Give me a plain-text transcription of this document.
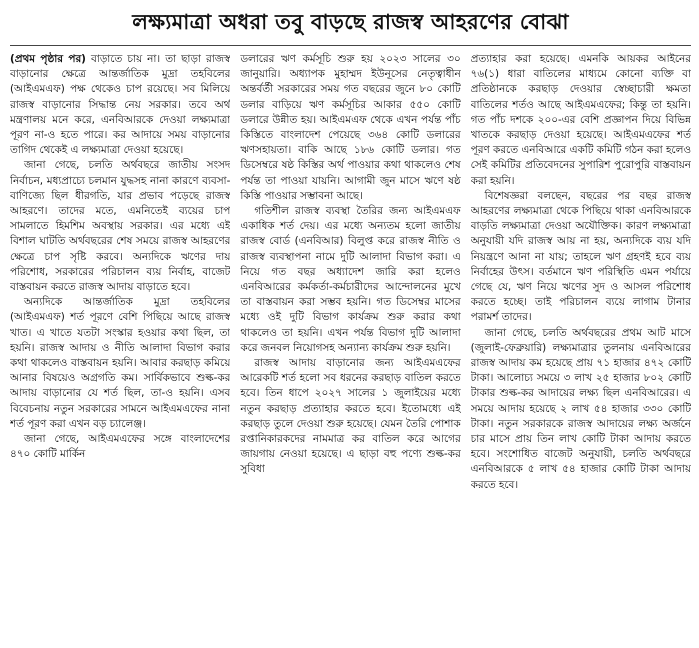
লক্ষ্যমাত্রা অধরা তবু বাড়ছে রাজস্ব আহরণের বোঝা

(প্রথম পৃষ্ঠার পর) বাড়াতে চায় না। তা ছাড়া রাজস্ব বাড়ানোর ক্ষেত্রে আন্তর্জাতিক মুদ্রা তহবিলের (আইএমএফ) পক্ষ থেকেও চাপ রয়েছে। সব মিলিয়ে রাজস্ব বাড়ানোর সিদ্ধান্ত নেয় সরকার। তবে অর্থ মন্ত্রণালয় মনে করে, এনবিআরকে দেওয়া লক্ষ্যমাত্রা পূরণ না-ও হতে পারে। কর আদায়ে সময় বাড়ানোর তাগিদ থেকেই এ লক্ষ্যমাত্রা দেওয়া হয়েছে।

জানা গেছে, চলতি অর্থবছরে জাতীয় সংসদ নির্বাচন, মধ্যপ্রাচ্যে চলমান যুদ্ধসহ নানা কারণে ব্যবসা-বাণিজ্যে ছিল ধীরগতি, যার প্রভাব পড়েছে রাজস্ব আহরণে। তাদের মতে, এমনিতেই ব্যয়ের চাপ সামলাতে হিমশিম অবস্থায় সরকার। এর মধ্যে এই বিশাল ঘাটতি অর্থবছরের শেষ সময়ে রাজস্ব আহরণের ক্ষেত্রে চাপ সৃষ্টি করবে। অন্যদিকে ঋণের দায় পরিশোধ, সরকারের পরিচালন ব্যয় নির্বাহ, বাজেট বাস্তবায়ন করতে রাজস্ব আদায় বাড়াতে হবে।

অন্যদিকে আন্তর্জাতিক মুদ্রা তহবিলের (আইএমএফ) শর্ত পূরণে বেশি পিছিয়ে আছে রাজস্ব খাত। এ খাতে যতটা সংস্কার হওয়ার কথা ছিল, তা হয়নি। রাজস্ব আদায় ও নীতি আলাদা বিভাগ করার কথা থাকলেও বাস্তবায়ন হয়নি। আবার করছাড় কমিয়ে আনার বিষয়েও অগ্রগতি কম। সার্বিকভাবে শুল্ক-কর আদায় বাড়ানোর যে শর্ত ছিল, তা-ও হয়নি। এসব বিবেচনায় নতুন সরকারের সামনে আইএমএফের নানা শর্ত পূরণ করা এখন বড় চ্যালেঞ্জ।

জানা গেছে, আইএমএফের সঙ্গে বাংলাদেশের ৪৭০ কোটি মার্কিন

ডলারের ঋণ কর্মসূচি শুরু হয় ২০২৩ সালের ৩০ জানুয়ারি। অধ্যাপক মুহাম্মদ ইউনূসের নেতৃত্বাধীন অন্তর্বর্তী সরকারের সময় গত বছরের জুনে ৮০ কোটি ডলার বাড়িয়ে ঋণ কর্মসূচির আকার ৫৫০ কোটি ডলারে উন্নীত হয়। আইএমএফ থেকে এখন পর্যন্ত পাঁচ কিস্তিতে বাংলাদেশ পেয়েছে ৩৬৪ কোটি ডলারের ঋণসহায়তা। বাকি আছে ১৮৬ কোটি ডলার। গত ডিসেম্বরে ষষ্ঠ কিস্তির অর্থ পাওয়ার কথা থাকলেও শেষ পর্যন্ত তা পাওয়া যায়নি। আগামী জুন মাসে ঋণে ষষ্ঠ কিস্তি পাওয়ার সম্ভাবনা আছে।

গতিশীল রাজস্ব ব্যবস্থা তৈরির জন্য আইএমএফ একাধিক শর্ত দেয়। এর মধ্যে অন্যতম হলো জাতীয় রাজস্ব বোর্ড (এনবিআর) বিলুপ্ত করে রাজস্ব নীতি ও রাজস্ব ব্যবস্থাপনা নামে দুটি আলাদা বিভাগ করা। এ নিয়ে গত বছর অধ্যাদেশ জারি করা হলেও এনবিআরের কর্মকর্তা-কর্মচারীদের আন্দোলনের মুখে তা বাস্তবায়ন করা সম্ভব হয়নি। গত ডিসেম্বর মাসের মধ্যে ওই দুটি বিভাগ কার্যক্রম শুরু করার কথা থাকলেও তা হয়নি। এখন পর্যন্ত বিভাগ দুটি আলাদা করে জনবল নিয়োগসহ অন্যান্য কার্যক্রম শুরু হয়নি।

রাজস্ব আদায় বাড়ানোর জন্য আইএমএফের আরেকটি শর্ত হলো সব ধরনের করছাড় বাতিল করতে হবে। তিন ধাপে ২০২৭ সালের ১ জুলাইয়ের মধ্যে নতুন করছাড় প্রত্যাহার করতে হবে। ইতোমধ্যে এই করছাড় তুলে দেওয়া শুরু হয়েছে। যেমন তৈরি পোশাক রপ্তানিকারকদের নামমাত্র কর বাতিল করে আগের জায়গায় নেওয়া হয়েছে। এ ছাড়া বহু পণ্যে শুল্ক-কর সুবিধা

প্রত্যাহার করা হয়েছে। এমনকি আয়কর আইনের ৭৬(১) ধারা বাতিলের মাধ্যমে কোনো ব্যক্তি বা প্রতিষ্ঠানকে করছাড় দেওয়ার স্বেচ্ছাচারী ক্ষমতা বাতিলের শর্তও আছে আইএমএফের; কিন্তু তা হয়নি। গত পাঁচ দশকে ২০০-এর বেশি প্রজ্ঞাপন দিয়ে বিভিন্ন খাতকে করছাড় দেওয়া হয়েছে। আইএমএফের শর্ত পূরণ করতে এনবিআরে একটি কমিটি গঠন করা হলেও সেই কমিটির প্রতিবেদনের সুপারিশ পুরোপুরি বাস্তবায়ন করা হয়নি।

বিশেষজ্ঞরা বলছেন, বছরের পর বছর রাজস্ব আহরণের লক্ষ্যমাত্রা থেকে পিছিয়ে থাকা এনবিআরকে বাড়তি লক্ষ্যমাত্রা দেওয়া অযৌক্তিক। কারণ লক্ষ্যমাত্রা অনুযায়ী যদি রাজস্ব আয় না হয়, অন্যদিকে ব্যয় যদি নিয়ন্ত্রণে আনা না যায়; তাহলে ঋণ গ্রহণই হবে ব্যয় নির্বাহের উৎস। বর্তমানে ঋণ পরিস্থিতি এমন পর্যায়ে গেছে যে, ঋণ নিয়ে ঋণের সুদ ও আসল পরিশোধ করতে হচ্ছে। তাই পরিচালন ব্যয়ে লাগাম টানার পরামর্শ তাদের।

জানা গেছে, চলতি অর্থবছরের প্রথম আট মাসে (জুলাই-ফেব্রুয়ারি) লক্ষ্যমাত্রার তুলনায় এনবিআরের রাজস্ব আদায় কম হয়েছে প্রায় ৭১ হাজার ৪৭২ কোটি টাকা। আলোচ্য সময়ে ৩ লাখ ২৫ হাজার ৮০২ কোটি টাকার শুল্ক-কর আদায়ের লক্ষ্য ছিল এনবিআরের। এ সময়ে আদায় হয়েছে ২ লাখ ৫৪ হাজার ৩৩০ কোটি টাকা। নতুন সরকারকে রাজস্ব আদায়ের লক্ষ্য অর্জনে চার মাসে প্রায় তিন লাখ কোটি টাকা আদায় করতে হবে। সংশোধিত বাজেট অনুযায়ী, চলতি অর্থবছরে এনবিআরকে ৫ লাখ ৫৪ হাজার কোটি টাকা আদায় করতে হবে।
